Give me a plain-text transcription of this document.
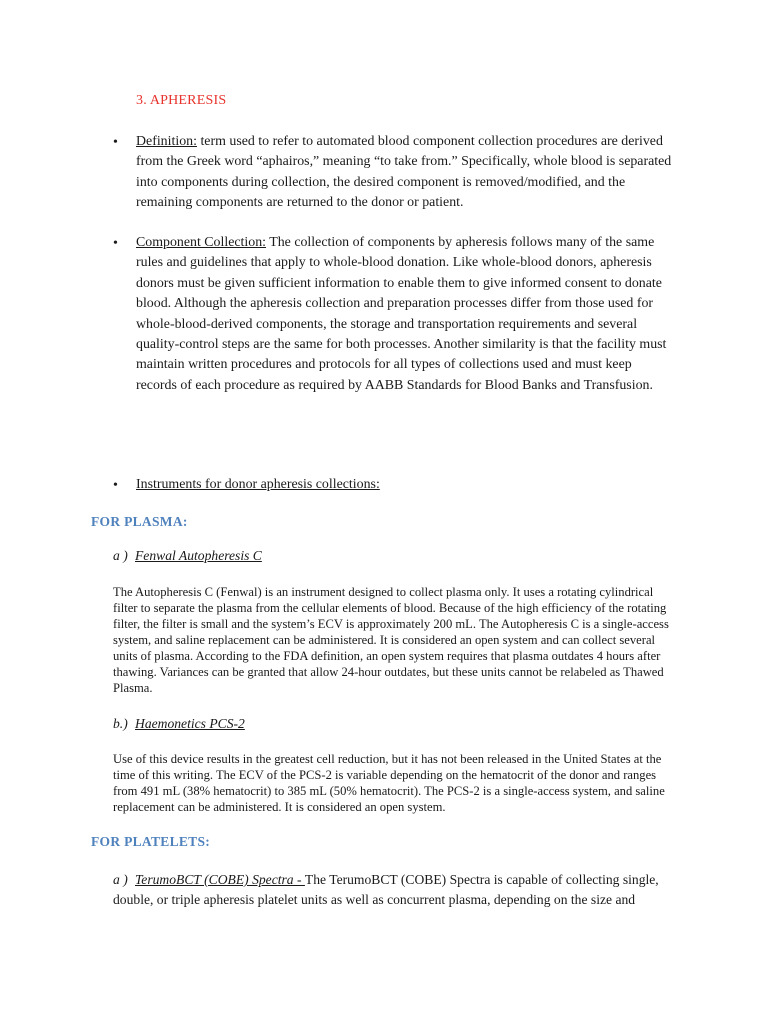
3. APHERESIS
• Definition: term used to refer to automated blood component collection procedures are derived from the Greek word “aphairos,” meaning “to take from.” Specifically, whole blood is separated into components during collection, the desired component is removed/modified, and the remaining components are returned to the donor or patient.
• Component Collection: The collection of components by apheresis follows many of the same rules and guidelines that apply to whole-blood donation. Like whole-blood donors, apheresis donors must be given sufficient information to enable them to give informed consent to donate blood. Although the apheresis collection and preparation processes differ from those used for whole-blood-derived components, the storage and transportation requirements and several quality-control steps are the same for both processes. Another similarity is that the facility must maintain written procedures and protocols for all types of collections used and must keep records of each procedure as required by AABB Standards for Blood Banks and Transfusion.
• Instruments for donor apheresis collections:
FOR PLASMA:
a ) Fenwal Autopheresis C
The Autopheresis C (Fenwal) is an instrument designed to collect plasma only. It uses a rotating cylindrical filter to separate the plasma from the cellular elements of blood. Because of the high efficiency of the rotating filter, the filter is small and the system’s ECV is approximately 200 mL. The Autopheresis C is a single-access system, and saline replacement can be administered. It is considered an open system and can collect several units of plasma. According to the FDA definition, an open system requires that plasma outdates 4 hours after thawing. Variances can be granted that allow 24-hour outdates, but these units cannot be relabeled as Thawed Plasma.
b.) Haemonetics PCS-2
Use of this device results in the greatest cell reduction, but it has not been released in the United States at the time of this writing. The ECV of the PCS-2 is variable depending on the hematocrit of the donor and ranges from 491 mL (38% hematocrit) to 385 mL (50% hematocrit). The PCS-2 is a single-access system, and saline replacement can be administered. It is considered an open system.
FOR PLATELETS:
a ) TerumoBCT (COBE) Spectra - The TerumoBCT (COBE) Spectra is capable of collecting single, double, or triple apheresis platelet units as well as concurrent plasma, depending on the size and
